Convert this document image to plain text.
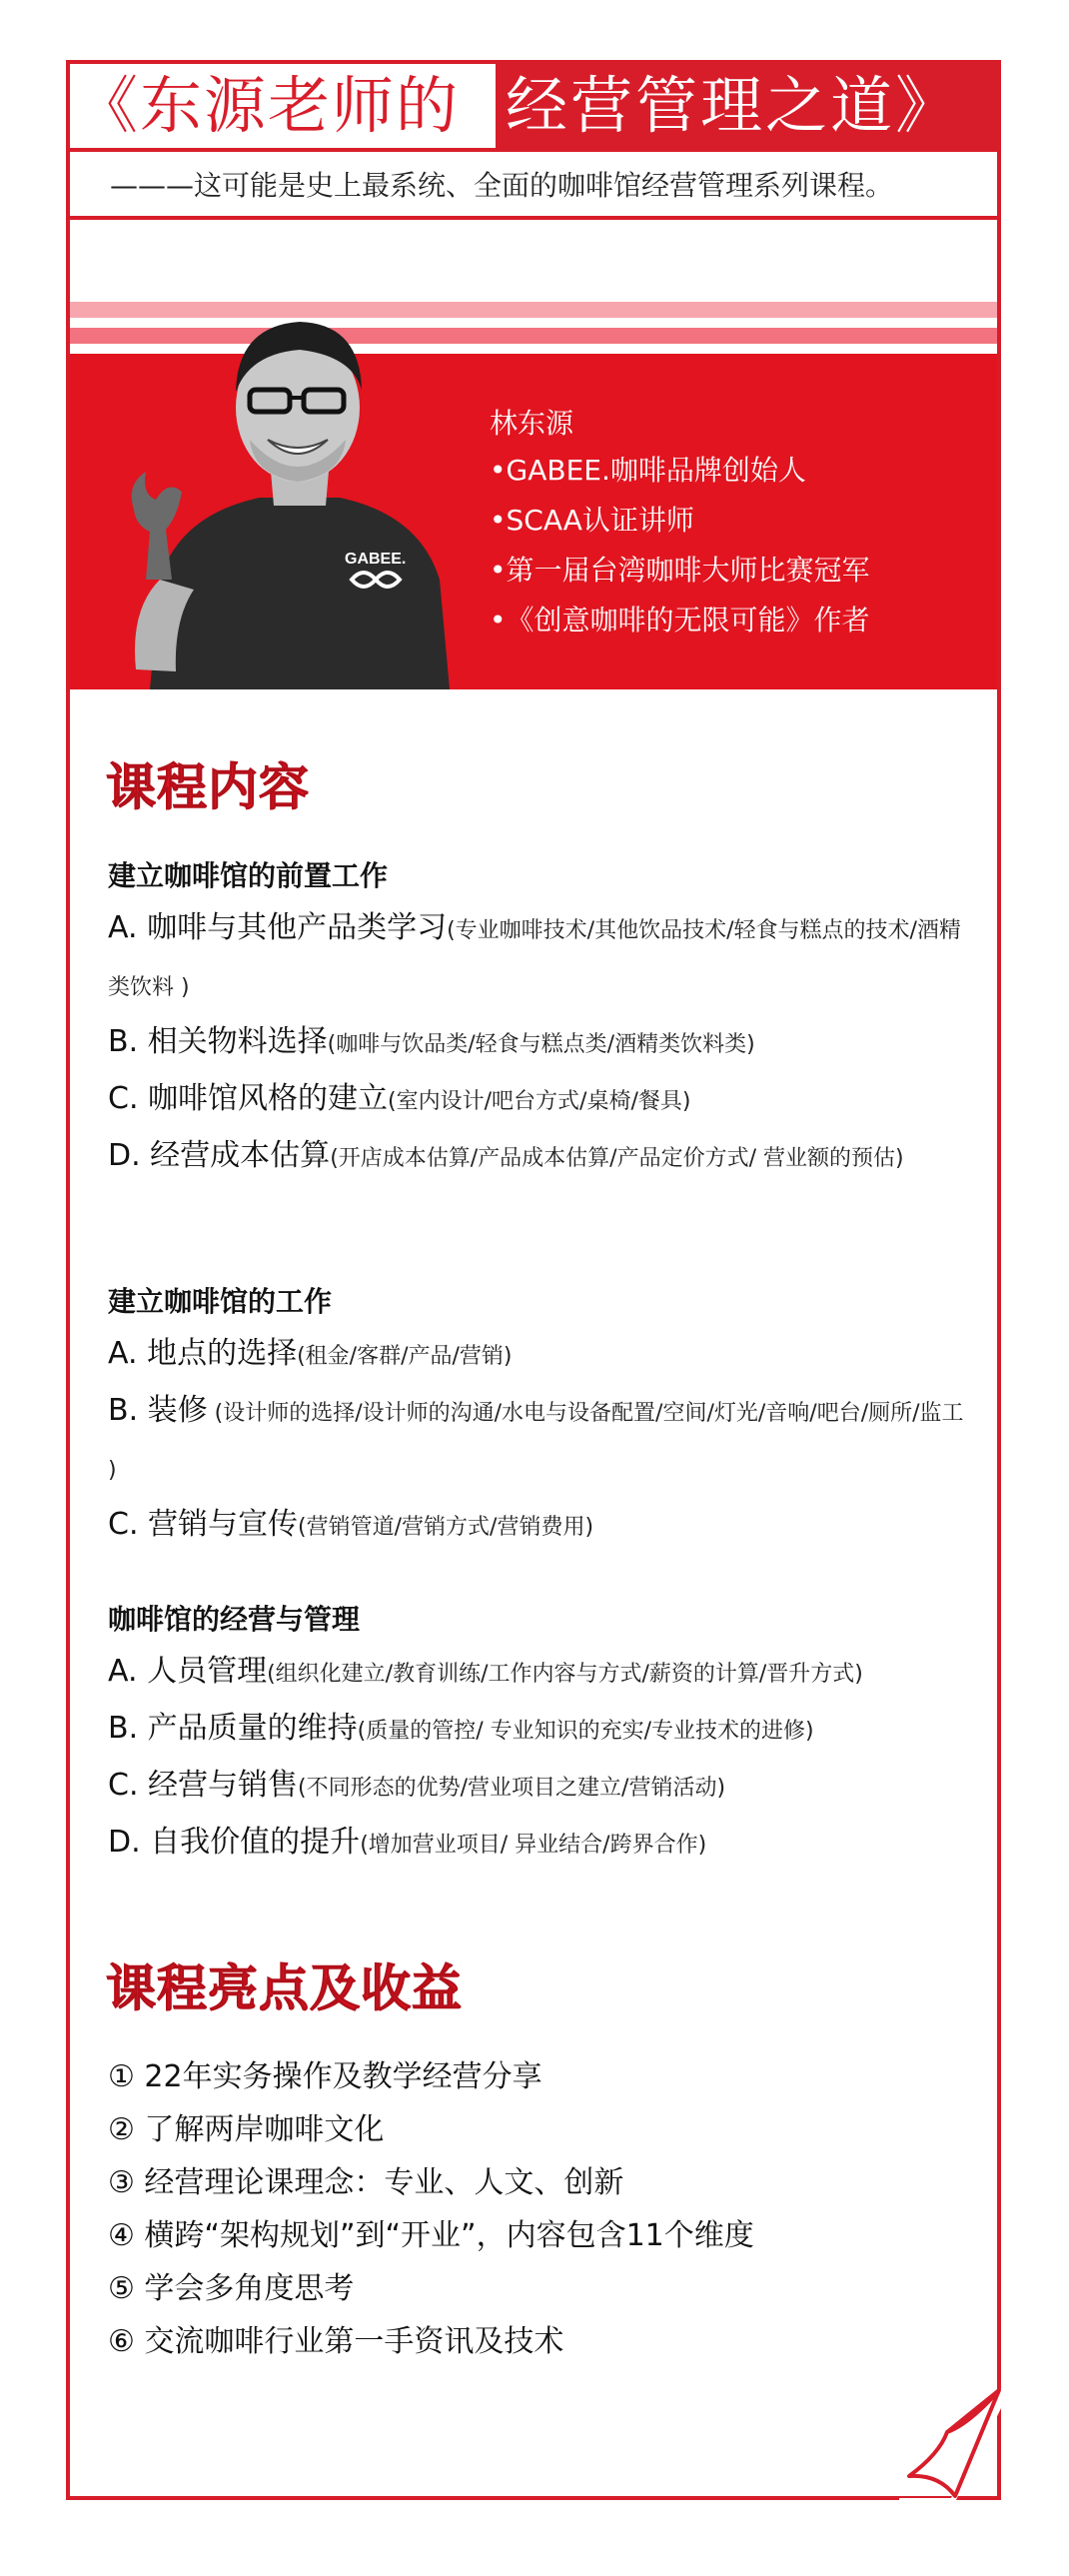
《东源老师的 经营管理之道》
———这可能是史上最系统、全面的咖啡馆经营管理系列课程。
GABEE.
林东源
•GABEE.咖啡品牌创始人
•SCAA认证讲师
•第一届台湾咖啡大师比赛冠军
•《创意咖啡的无限可能》作者
课程内容
建立咖啡馆的前置工作
A. 咖啡与其他产品类学习(专业咖啡技术/其他饮品技术/轻食与糕点的技术/酒精类饮料 )
B. 相关物料选择(咖啡与饮品类/轻食与糕点类/酒精类饮料类)
C. 咖啡馆风格的建立(室内设计/吧台方式/桌椅/餐具)
D. 经营成本估算(开店成本估算/产品成本估算/产品定价方式/ 营业额的预估)
建立咖啡馆的工作
A. 地点的选择(租金/客群/产品/营销)
B. 装修 (设计师的选择/设计师的沟通/水电与设备配置/空间/灯光/音响/吧台/厕所/监工 )
C. 营销与宣传(营销管道/营销方式/营销费用)
咖啡馆的经营与管理
A. 人员管理(组织化建立/教育训练/工作内容与方式/薪资的计算/晋升方式)
B. 产品质量的维持(质量的管控/ 专业知识的充实/专业技术的进修)
C. 经营与销售(不同形态的优势/营业项目之建立/营销活动)
D. 自我价值的提升(增加营业项目/ 异业结合/跨界合作)
课程亮点及收益
① 22年实务操作及教学经营分享
② 了解两岸咖啡文化
③ 经营理论课理念：专业、人文、创新
④ 横跨“架构规划”到“开业”，内容包含11个维度
⑤ 学会多角度思考
⑥ 交流咖啡行业第一手资讯及技术
